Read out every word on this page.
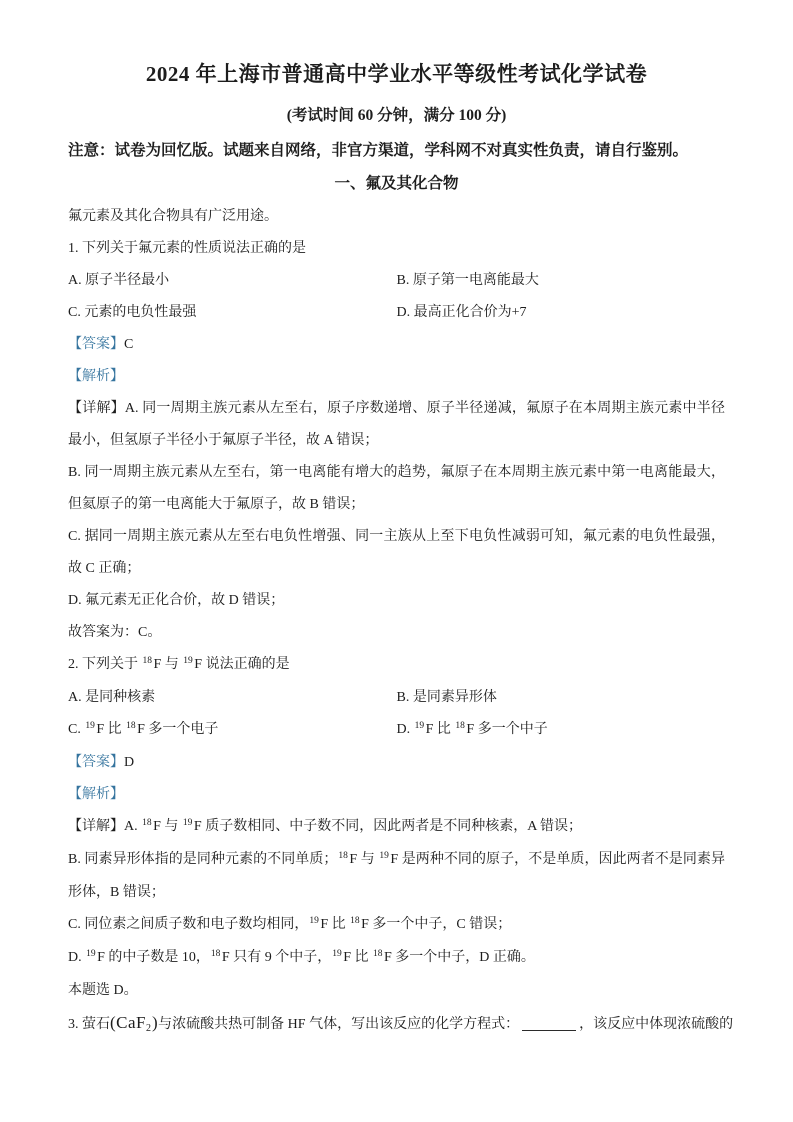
2024 年上海市普通高中学业水平等级性考试化学试卷
(考试时间 60 分钟，满分 100 分)
注意：试卷为回忆版。试题来自网络，非官方渠道，学科网不对真实性负责，请自行鉴别。
一、氟及其化合物
氟元素及其化合物具有广泛用途。
1. 下列关于氟元素的性质说法正确的是
A. 原子半径最小	B. 原子第一电离能最大
C. 元素的电负性最强	D. 最高正化合价为+7
【答案】C
【解析】
【详解】A. 同一周期主族元素从左至右，原子序数递增、原子半径递减，氟原子在本周期主族元素中半径最小，但氢原子半径小于氟原子半径，故 A 错误；
B. 同一周期主族元素从左至右，第一电离能有增大的趋势，氟原子在本周期主族元素中第一电离能最大，但氦原子的第一电离能大于氟原子，故 B 错误；
C. 据同一周期主族元素从左至右电负性增强、同一主族从上至下电负性减弱可知，氟元素的电负性最强，故 C 正确；
D. 氟元素无正化合价，故 D 错误；
故答案为：C。
2. 下列关于 $^{18}$ F 与 $^{19}$ F 说法正确的是
A. 是同种核素	B. 是同素异形体
C. $^{19}$ F 比 $^{18}$ F 多一个电子	D. $^{19}$ F 比 $^{18}$ F 多一个中子
【答案】D
【解析】
【详解】A. $^{18}$ F 与 $^{19}$ F 质子数相同、中子数不同，因此两者是不同种核素，A 错误；
B. 同素异形体指的是同种元素的不同单质；$^{18}$ F 与 $^{19}$ F 是两种不同的原子，不是单质，因此两者不是同素异形体，B 错误；
C. 同位素之间质子数和电子数均相同，$^{19}$ F 比 $^{18}$ F 多一个中子，C 错误；
D. $^{19}$ F 的中子数是 10，$^{18}$ F 只有 9 个中子，$^{19}$ F 比 $^{18}$ F 多一个中子，D 正确。
本题选 D。
3. 萤石(CaF$_2$)与浓硫酸共热可制备 HF 气体，写出该反应的化学方程式：	，该反应中体现浓硫酸的
